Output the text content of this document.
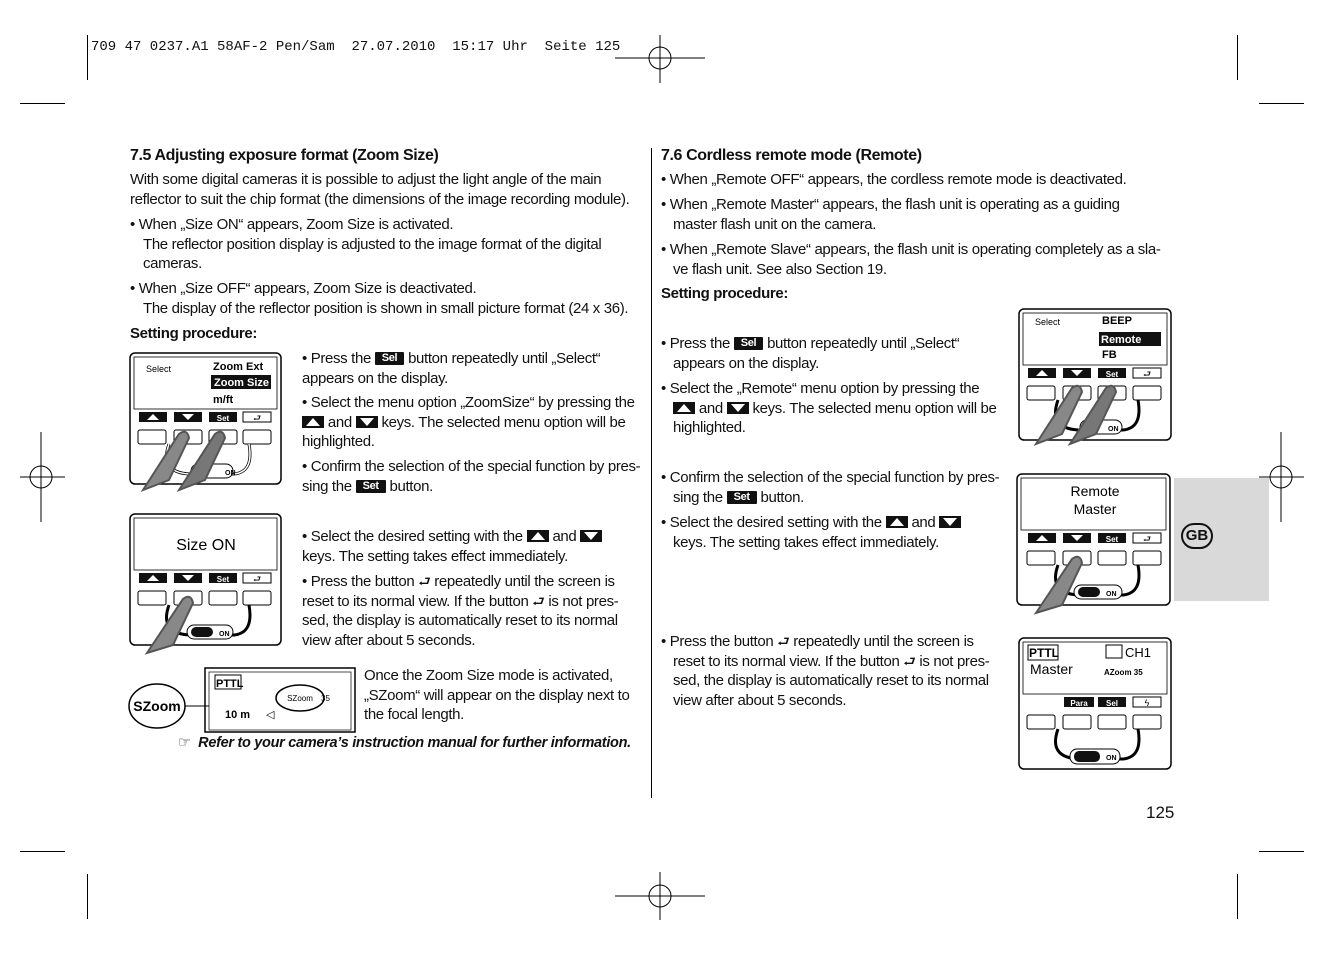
709 47 0237.A1 58AF-2 Pen/Sam  27.07.2010  15:17 Uhr  Seite 125
7.5 Adjusting exposure format (Zoom Size)
With some digital cameras it is possible to adjust the light angle of the main
reflector to suit the chip format (the dimensions of the image recording module).
• When „Size ON“ appears, Zoom Size is activated.
The reflector position display is adjusted to the image format of the digital
cameras.
• When „Size OFF“ appears, Zoom Size is deactivated.
The display of the reflector position is shown in small picture format (24 x 36).
Setting procedure:
• Press the Sel button repeatedly until „Select“
appears on the display.
• Select the menu option „ZoomSize“ by pressing the
and keys. The selected menu option will be
highlighted.
• Confirm the selection of the special function by pres-
sing the Set button.
• Select the desired setting with the and
keys. The setting takes effect immediately.
• Press the button ⮐ repeatedly until the screen is
reset to its normal view. If the button ⮐ is not pres-
sed, the display is automatically reset to its normal
view after about 5 seconds.
Once the Zoom Size mode is activated,
„SZoom“ will appear on the display next to
the focal length.
☞ Refer to your camera’s instruction manual for further information.
Select	Zoom Ext
Zoom Size
m/ft
Set	⮐
ON
Size ON
Set	⮐
ON
SZoom
PTTL
SZoom 35
10 m ◁
7.6 Cordless remote mode (Remote)
• When „Remote OFF“ appears, the cordless remote mode is deactivated.
• When „Remote Master“ appears, the flash unit is operating as a guiding
master flash unit on the camera.
• When „Remote Slave“ appears, the flash unit is operating completely as a sla-
ve flash unit. See also Section 19.
Setting procedure:
• Press the Sel button repeatedly until „Select“
appears on the display.
• Select the „Remote“ menu option by pressing the
and keys. The selected menu option will be
highlighted.
• Confirm the selection of the special function by pres-
sing the Set button.
• Select the desired setting with the and
keys. The setting takes effect immediately.
• Press the button ⮐ repeatedly until the screen is
reset to its normal view. If the button ⮐ is not pres-
sed, the display is automatically reset to its normal
view after about 5 seconds.
Select	BEEP
Remote
FB
Set	⮐
ON
Remote
Master
Set	⮐
ON
PTTL	CH1
Master	AZoom 35
Para Sel	ϟ
ON
GB
125
